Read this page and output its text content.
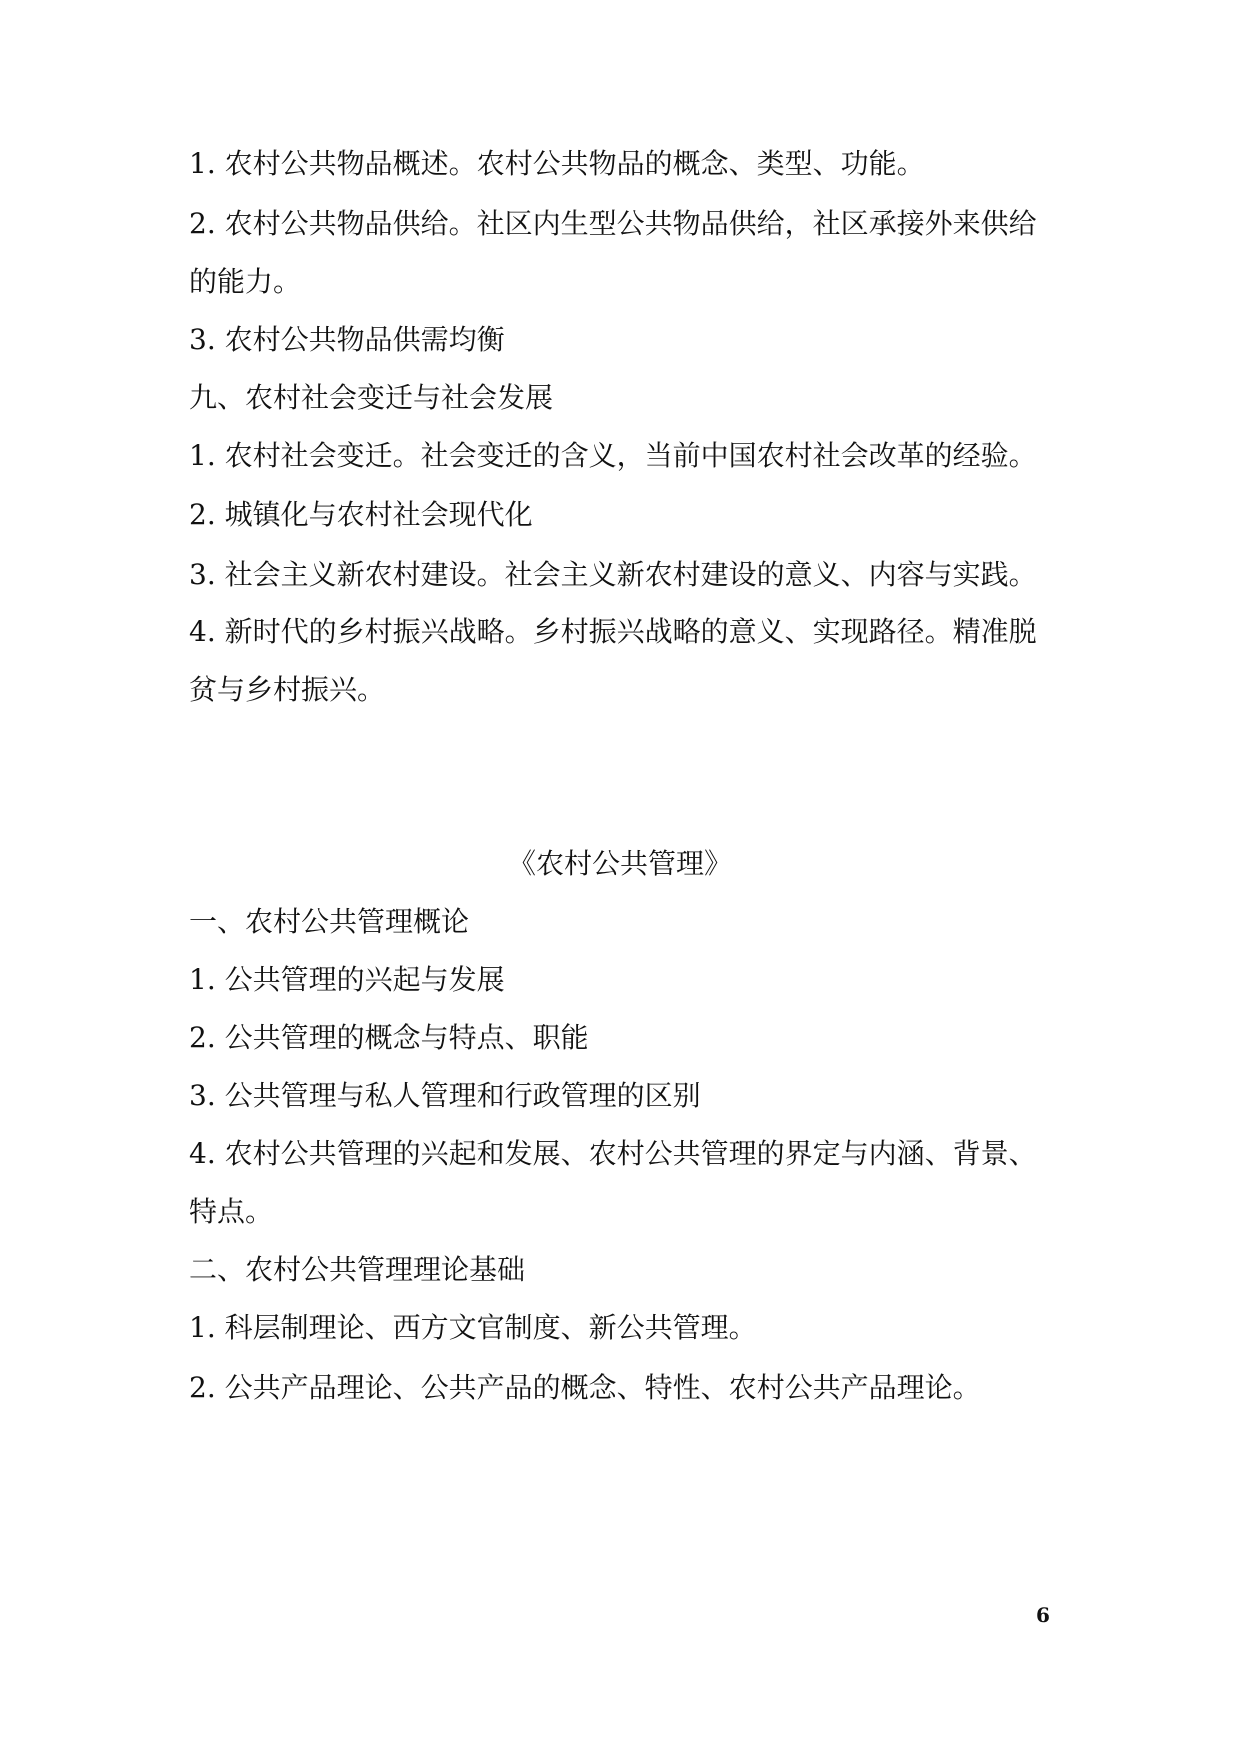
1. 农村公共物品概述。农村公共物品的概念、类型、功能。
2. 农村公共物品供给。社区内生型公共物品供给，社区承接外来供给
的能力。
3. 农村公共物品供需均衡
九、农村社会变迁与社会发展
1. 农村社会变迁。社会变迁的含义，当前中国农村社会改革的经验。
2. 城镇化与农村社会现代化
3. 社会主义新农村建设。社会主义新农村建设的意义、内容与实践。
4. 新时代的乡村振兴战略。乡村振兴战略的意义、实现路径。精准脱
贫与乡村振兴。
《农村公共管理》
一、农村公共管理概论
1. 公共管理的兴起与发展
2. 公共管理的概念与特点、职能
3. 公共管理与私人管理和行政管理的区别
4. 农村公共管理的兴起和发展、农村公共管理的界定与内涵、背景、
特点。
二、农村公共管理理论基础
1. 科层制理论、西方文官制度、新公共管理。
2. 公共产品理论、公共产品的概念、特性、农村公共产品理论。
6
